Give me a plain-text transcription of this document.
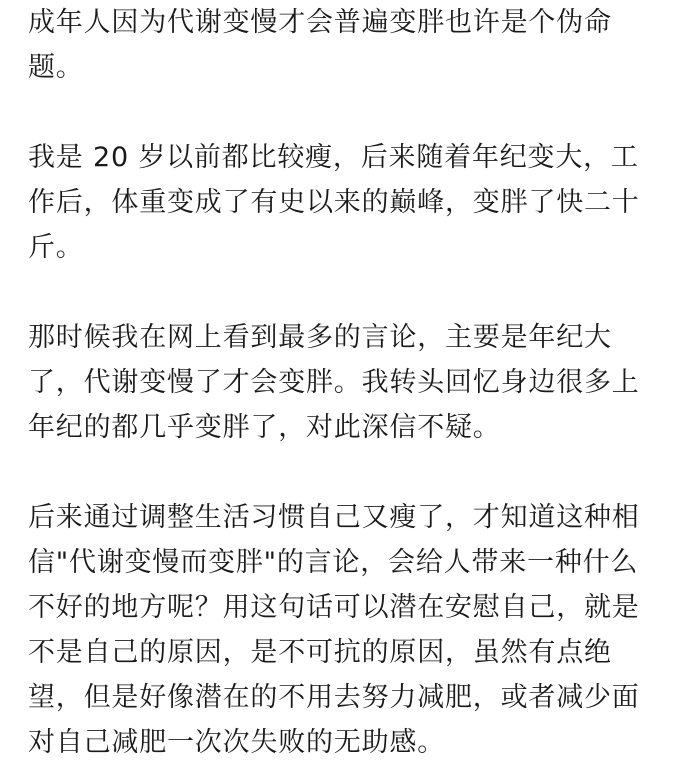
成年人因为代谢变慢才会普遍变胖也许是个伪命题。

我是 20 岁以前都比较瘦，后来随着年纪变大，工作后，体重变成了有史以来的巅峰，变胖了快二十斤。

那时候我在网上看到最多的言论，主要是年纪大了，代谢变慢了才会变胖。我转头回忆身边很多上年纪的都几乎变胖了，对此深信不疑。

后来通过调整生活习惯自己又瘦了，才知道这种相信"代谢变慢而变胖"的言论，会给人带来一种什么不好的地方呢？用这句话可以潜在安慰自己，就是不是自己的原因，是不可抗的原因，虽然有点绝望，但是好像潜在的不用去努力减肥，或者减少面对自己减肥一次次失败的无助感。
